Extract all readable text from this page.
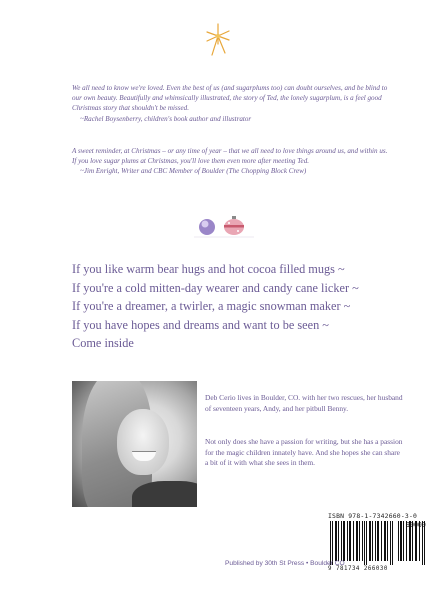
We all need to know we're loved. Even the best of us (and sugarplums too) can doubt ourselves, and be blind to our own beauty. Beautifully and whimsically illustrated, the story of Ted, the lonely sugarplum, is a feel good Christmas story that shouldn't be missed.
~Rachel Boysenberry, children's book author and illustrator
A sweet reminder, at Christmas – or any time of year – that we all need to love things around us, and within us. If you love sugar plums at Christmas, you'll love them even more after meeting Ted.
~Jim Enright, Writer and CBC Member of Boulder (The Chopping Block Crew)
If you like warm bear hugs and hot cocoa filled mugs ~
If you're a cold mitten-day wearer and candy cane licker ~
If you're a dreamer, a twirler, a magic snowman maker ~
If you have hopes and dreams and want to be seen ~
Come inside
Deb Cerio lives in Boulder, CO. with her two rescues, her husband of seventeen years, Andy, and her pitbull Benny.
Not only does she have a passion for writing, but she has a passion for the magic children innately have. And she hopes she can share a bit of it with what she sees in them.
ISBN 978-1-7342660-3-0
9 781734 266030
Published by 30th St Press • Boulder CO
